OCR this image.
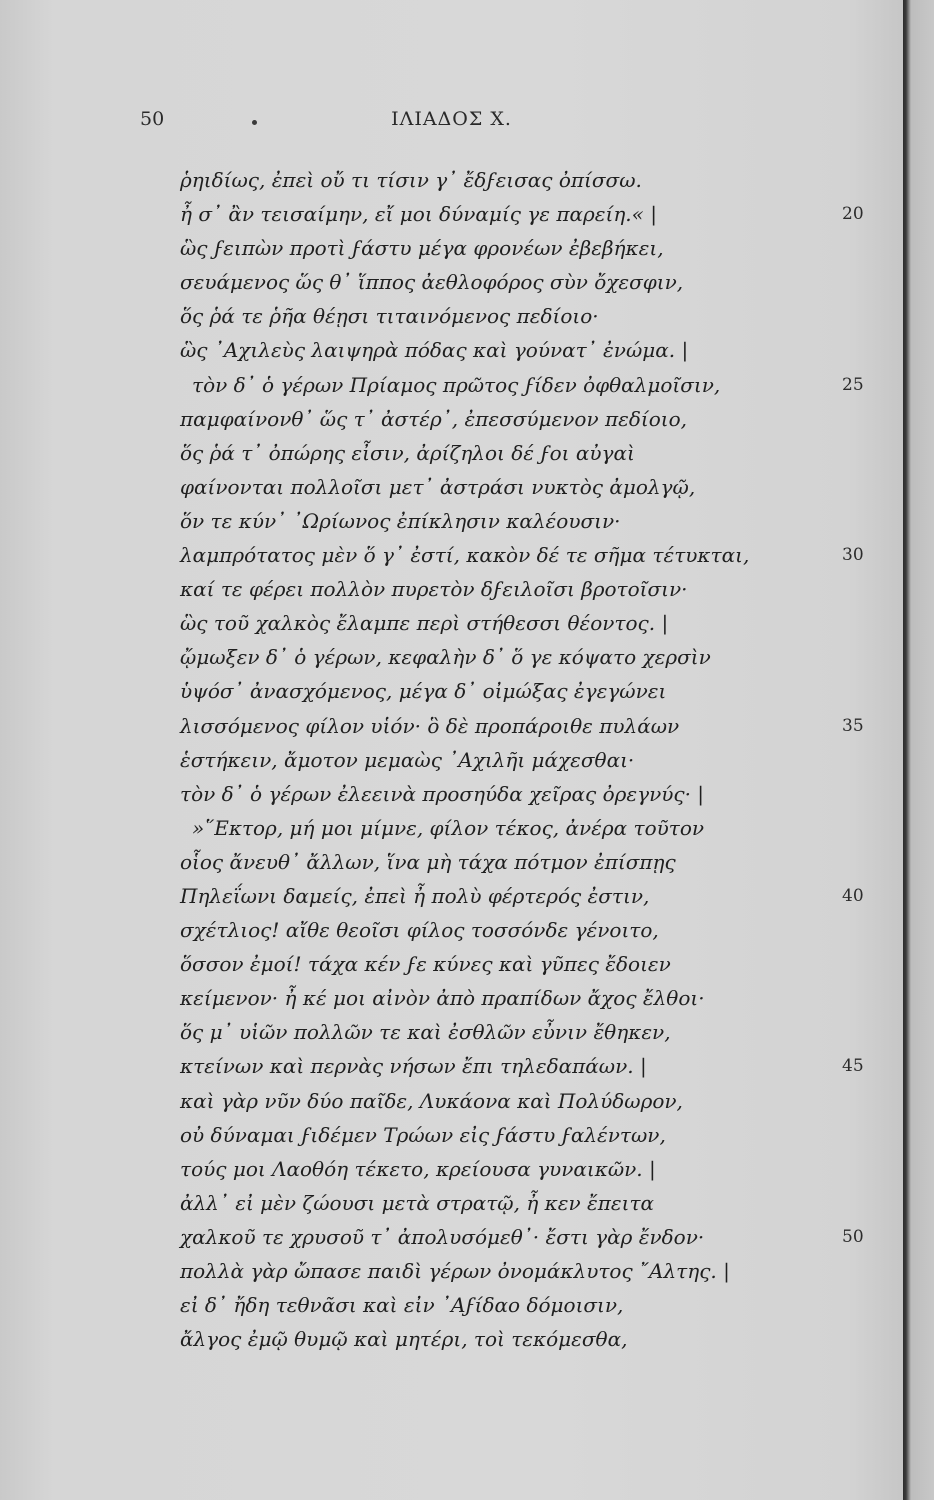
50	ΙΛΙΑΔΟΣ Χ.
ῥηιδίως, ἐπεὶ οὔ τι τίσιν γ᾽ ἔδϝεισας ὀπίσσω.
ἦ σ᾽ ἂν τεισαίμην, εἴ μοι δύναμίς γε παρείη.« |	20
ὣς ϝειπὼν προτὶ ϝάστυ μέγα φρονέων ἐβεβήκει,
σευάμενος ὥς θ᾽ ἵππος ἀεθλοφόρος σὺν ὄχεσφιν,
ὅς ῥά τε ῥῆα θέῃσι τιταινόμενος πεδίοιο·
ὣς ᾽Αχιλεὺς λαιψηρὰ πόδας καὶ γούνατ᾽ ἐνώμα. |
τὸν δ᾽ ὁ γέρων Πρίαμος πρῶτος ϝίδεν ὀφθαλμοῖσιν,	25
παμφαίνονθ᾽ ὥς τ᾽ ἀστέρ᾽, ἐπεσσύμενον πεδίοιο,
ὅς ῥά τ᾽ ὀπώρης εἶσιν, ἀρίζηλοι δέ ϝοι αὐγαὶ
φαίνονται πολλοῖσι μετ᾽ ἀστράσι νυκτὸς ἀμολγῷ,
ὅν τε κύν᾽ ᾽Ωρίωνος ἐπίκλησιν καλέουσιν·
λαμπρότατος μὲν ὅ γ᾽ ἐστί, κακὸν δέ τε σῆμα τέτυκται,	30
καί τε φέρει πολλὸν πυρετὸν δϝειλοῖσι βροτοῖσιν·
ὣς τοῦ χαλκὸς ἔλαμπε περὶ στήθεσσι θέοντος. |
ᾤμωξεν δ᾽ ὁ γέρων, κεφαλὴν δ᾽ ὅ γε κόψατο χερσὶν
ὑψόσ᾽ ἀνασχόμενος, μέγα δ᾽ οἰμώξας ἐγεγώνει
λισσόμενος φίλον υἱόν· ὃ δὲ προπάροιθε πυλάων	35
ἑστήκειν, ἄμοτον μεμαὼς ᾽Αχιλῆι μάχεσθαι·
τὸν δ᾽ ὁ γέρων ἐλεεινὰ προσηύδα χεῖρας ὀρεγνύς· |
»῞Εκτορ, μή μοι μίμνε, φίλον τέκος, ἀνέρα τοῦτον
οἷος ἄνευθ᾽ ἄλλων, ἵνα μὴ τάχα πότμον ἐπίσπῃς
Πηλεΐωνι δαμείς, ἐπεὶ ἦ πολὺ φέρτερός ἐστιν,	40
σχέτλιος! αἴθε θεοῖσι φίλος τοσσόνδε γένοιτο,
ὅσσον ἐμοί! τάχα κέν ϝε κύνες καὶ γῦπες ἔδοιεν
κείμενον· ἦ κέ μοι αἰνὸν ἀπὸ πραπίδων ἄχος ἔλθοι·
ὅς μ᾽ υἱῶν πολλῶν τε καὶ ἐσθλῶν εὖνιν ἔθηκεν,
κτείνων καὶ περνὰς νήσων ἔπι τηλεδαπάων. |	45
καὶ γὰρ νῦν δύο παῖδε, Λυκάονα καὶ Πολύδωρον,
οὐ δύναμαι ϝιδέμεν Τρώων εἰς ϝάστυ ϝαλέντων,
τούς μοι Λαοθόη τέκετο, κρείουσα γυναικῶν. |
ἀλλ᾽ εἰ μὲν ζώουσι μετὰ στρατῷ, ἦ κεν ἔπειτα
χαλκοῦ τε χρυσοῦ τ᾽ ἀπολυσόμεθ᾽· ἔστι γὰρ ἔνδον·	50
πολλὰ γὰρ ὤπασε παιδὶ γέρων ὀνομάκλυτος ῎Αλτης. |
εἰ δ᾽ ἤδη τεθνᾶσι καὶ εἰν ᾽Αϝίδαο δόμοισιν,
ἄλγος ἐμῷ θυμῷ καὶ μητέρι, τοὶ τεκόμεσθα,
